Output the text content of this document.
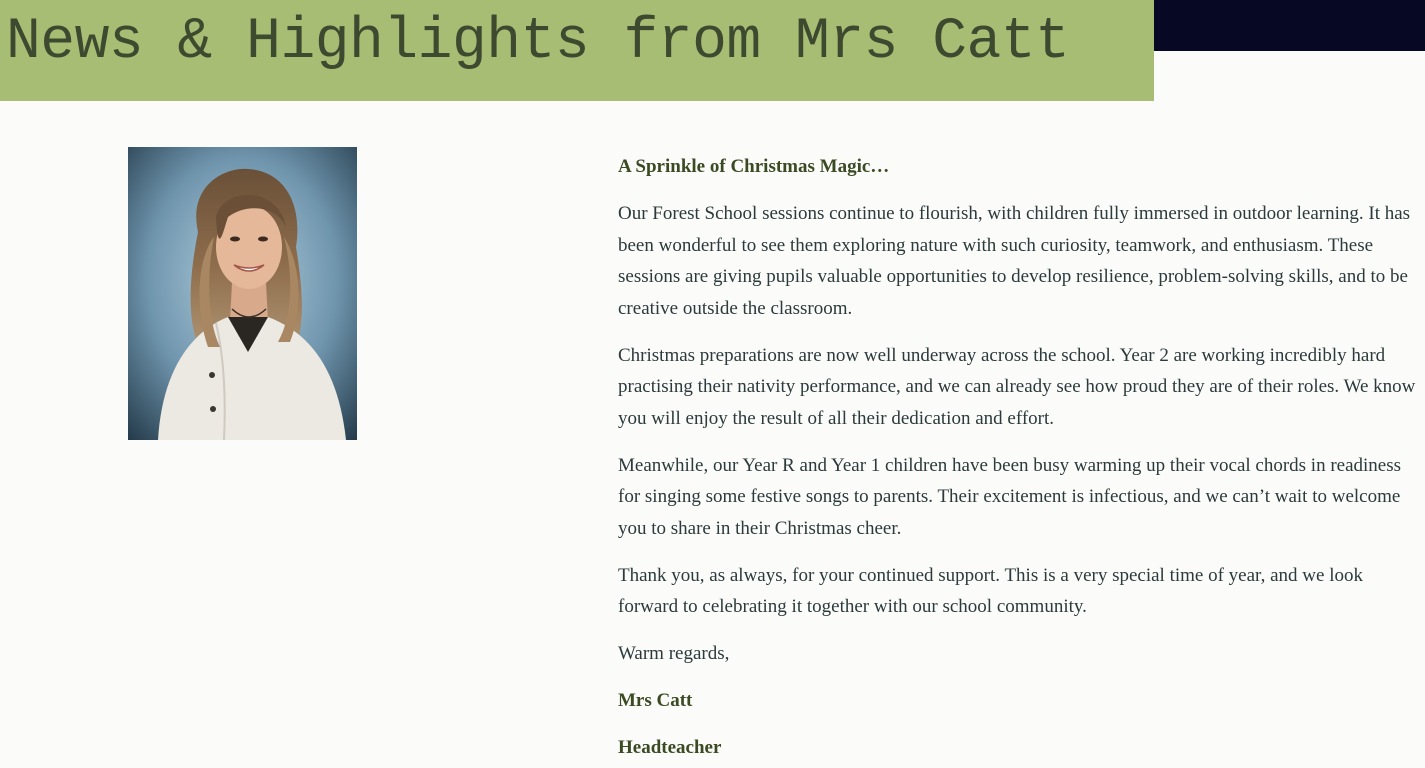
News & Highlights from Mrs Catt

A Sprinkle of Christmas Magic…

Our Forest School sessions continue to flourish, with children fully immersed in outdoor learning. It has been wonderful to see them exploring nature with such curiosity, teamwork, and enthusiasm. These sessions are giving pupils valuable opportunities to develop resilience, problem-solving skills, and to be creative outside the classroom.

Christmas preparations are now well underway across the school. Year 2 are working incredibly hard practising their nativity performance, and we can already see how proud they are of their roles. We know you will enjoy the result of all their dedication and effort.

Meanwhile, our Year R and Year 1 children have been busy warming up their vocal chords in readiness for singing some festive songs to parents. Their excitement is infectious, and we can’t wait to welcome you to share in their Christmas cheer.

Thank you, as always, for your continued support. This is a very special time of year, and we look forward to celebrating it together with our school community.

Warm regards,

Mrs Catt

Headteacher
